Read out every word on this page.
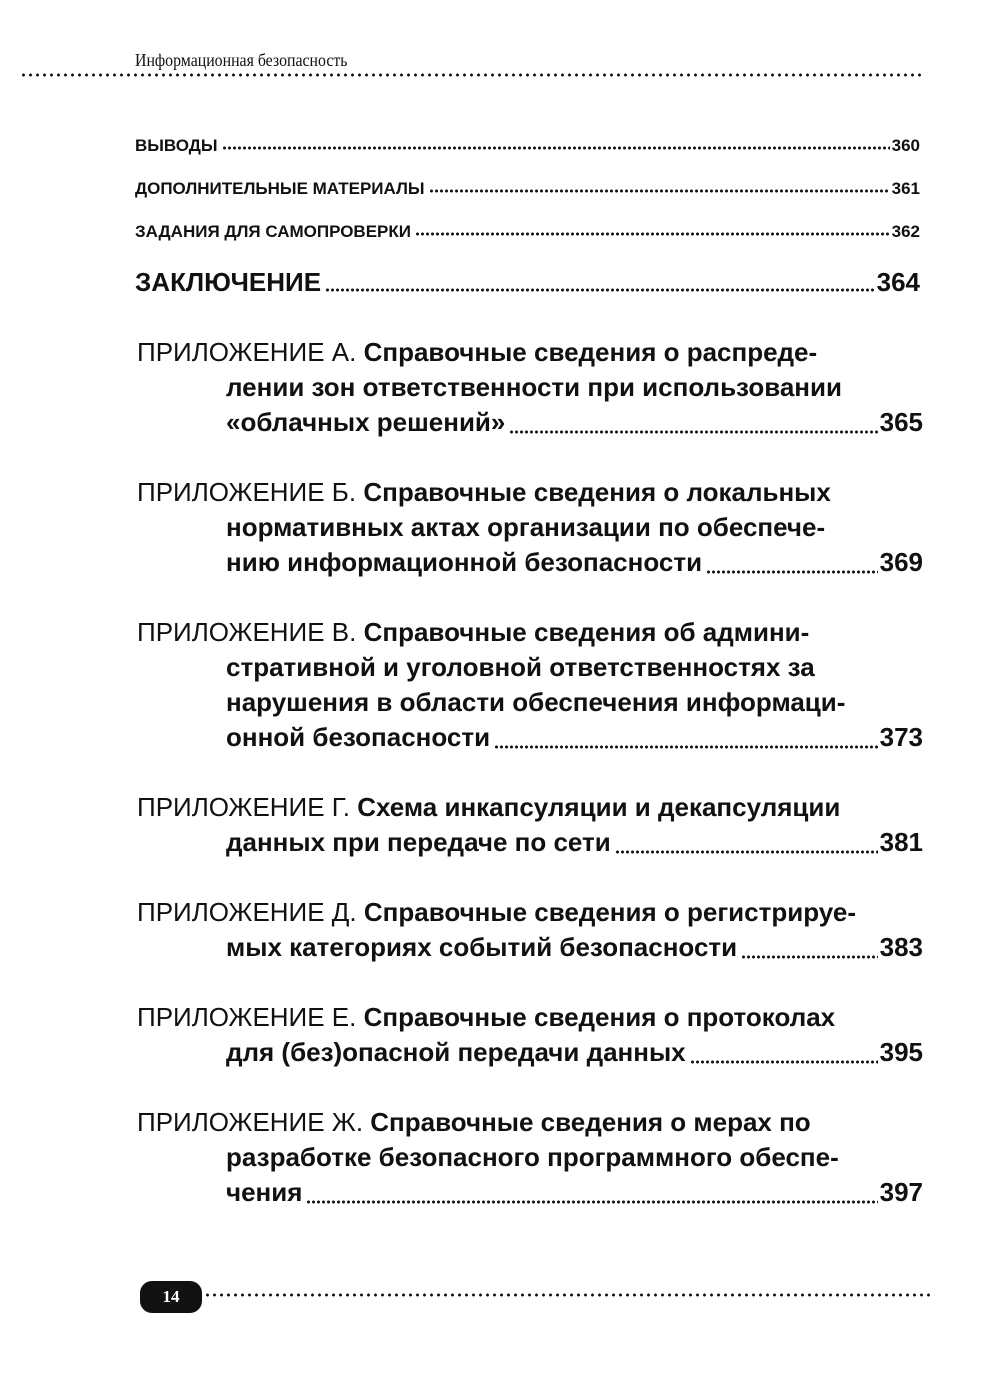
Информационная безопасность
ВЫВОДЫ	360
ДОПОЛНИТЕЛЬНЫЕ МАТЕРИАЛЫ	361
ЗАДАНИЯ ДЛЯ САМОПРОВЕРКИ	362
ЗАКЛЮЧЕНИЕ	364
ПРИЛОЖЕНИЕ А. Справочные сведения о распреде-
лении зон ответственности при использовании
«облачных решений»	365
ПРИЛОЖЕНИЕ Б. Справочные сведения о локальных
нормативных актах организации по обеспече-
нию информационной безопасности	369
ПРИЛОЖЕНИЕ В. Справочные сведения об админи-
стративной и уголовной ответственностях за
нарушения в области обеспечения информаци-
онной безопасности	373
ПРИЛОЖЕНИЕ Г. Схема инкапсуляции и декапсуляции
данных при передаче по сети	381
ПРИЛОЖЕНИЕ Д. Справочные сведения о регистрируе-
мых категориях событий безопасности	383
ПРИЛОЖЕНИЕ Е. Справочные сведения о протоколах
для (без)опасной передачи данных	395
ПРИЛОЖЕНИЕ Ж. Справочные сведения о мерах по
разработке безопасного программного обеспе-
чения	397
14
